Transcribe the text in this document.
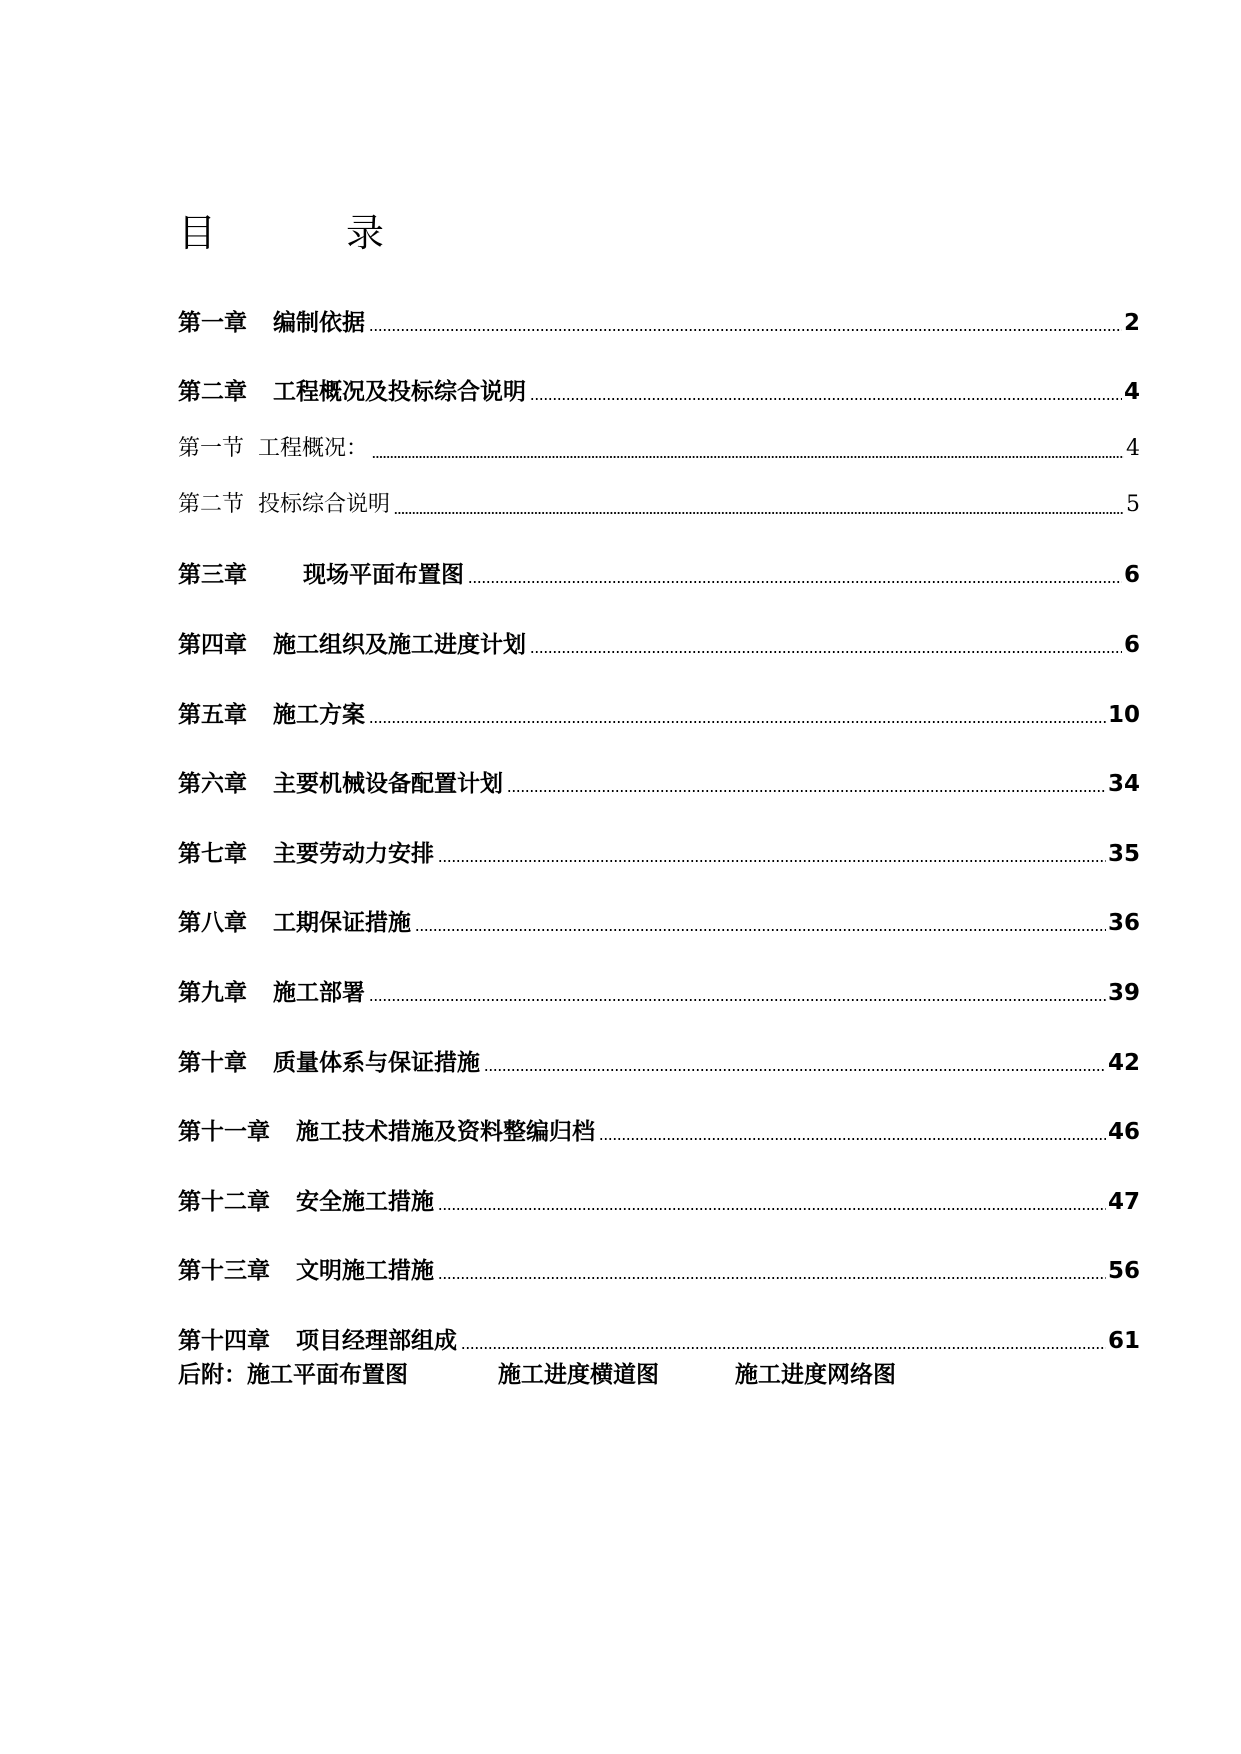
目	录
第一章 编制依据	2
第二章 工程概况及投标综合说明	4
第一节 工程概况：	4
第二节 投标综合说明	5
第三章 现场平面布置图	6
第四章 施工组织及施工进度计划	6
第五章 施工方案	10
第六章 主要机械设备配置计划	34
第七章 主要劳动力安排	35
第八章 工期保证措施	36
第九章 施工部署	39
第十章 质量体系与保证措施	42
第十一章 施工技术措施及资料整编归档	46
第十二章 安全施工措施	47
第十三章 文明施工措施	56
第十四章 项目经理部组成	61
后附：施工平面布置图	施工进度横道图	施工进度网络图
